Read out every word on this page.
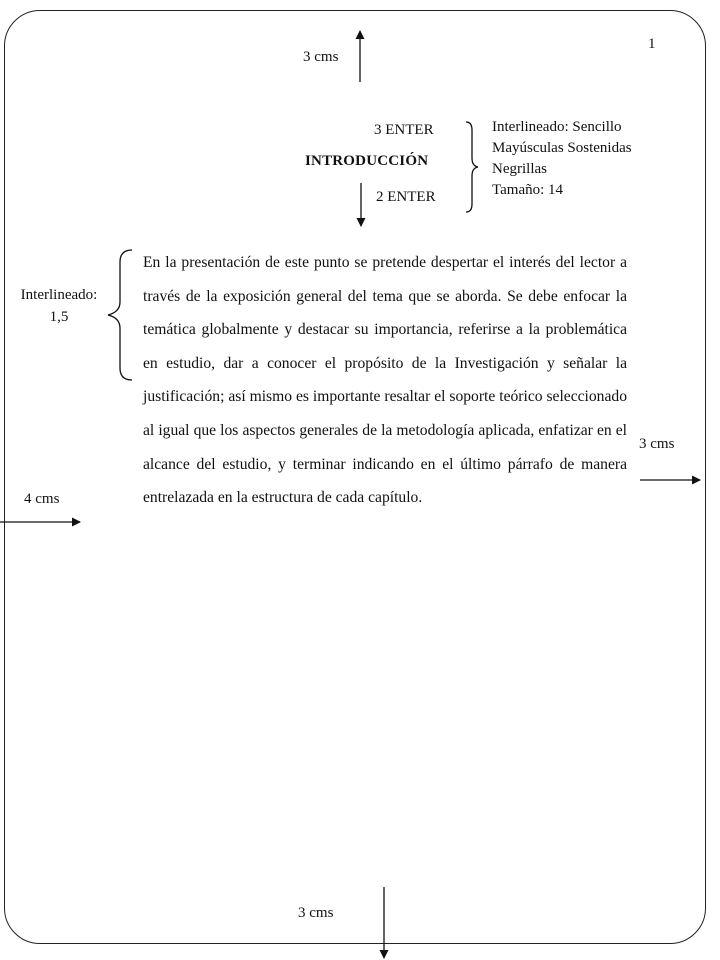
1
3 cms
3 ENTER
INTRODUCCIÓN
2 ENTER
Interlineado: Sencillo
Mayúsculas Sostenidas
Negrillas
Tamaño: 14
Interlineado:
1,5

En la presentación de este punto se pretende despertar el interés del lector a través de la exposición general del tema que se aborda. Se debe enfocar la temática globalmente y destacar su importancia, referirse a la problemática en estudio, dar a conocer el propósito de la Investigación y señalar la justificación; así mismo es importante resaltar el soporte teórico seleccionado al igual que los aspectos generales de la metodología aplicada, enfatizar en el alcance del estudio, y terminar indicando en el último párrafo de manera entrelazada en la estructura de cada capítulo.

3 cms
4 cms
3 cms
